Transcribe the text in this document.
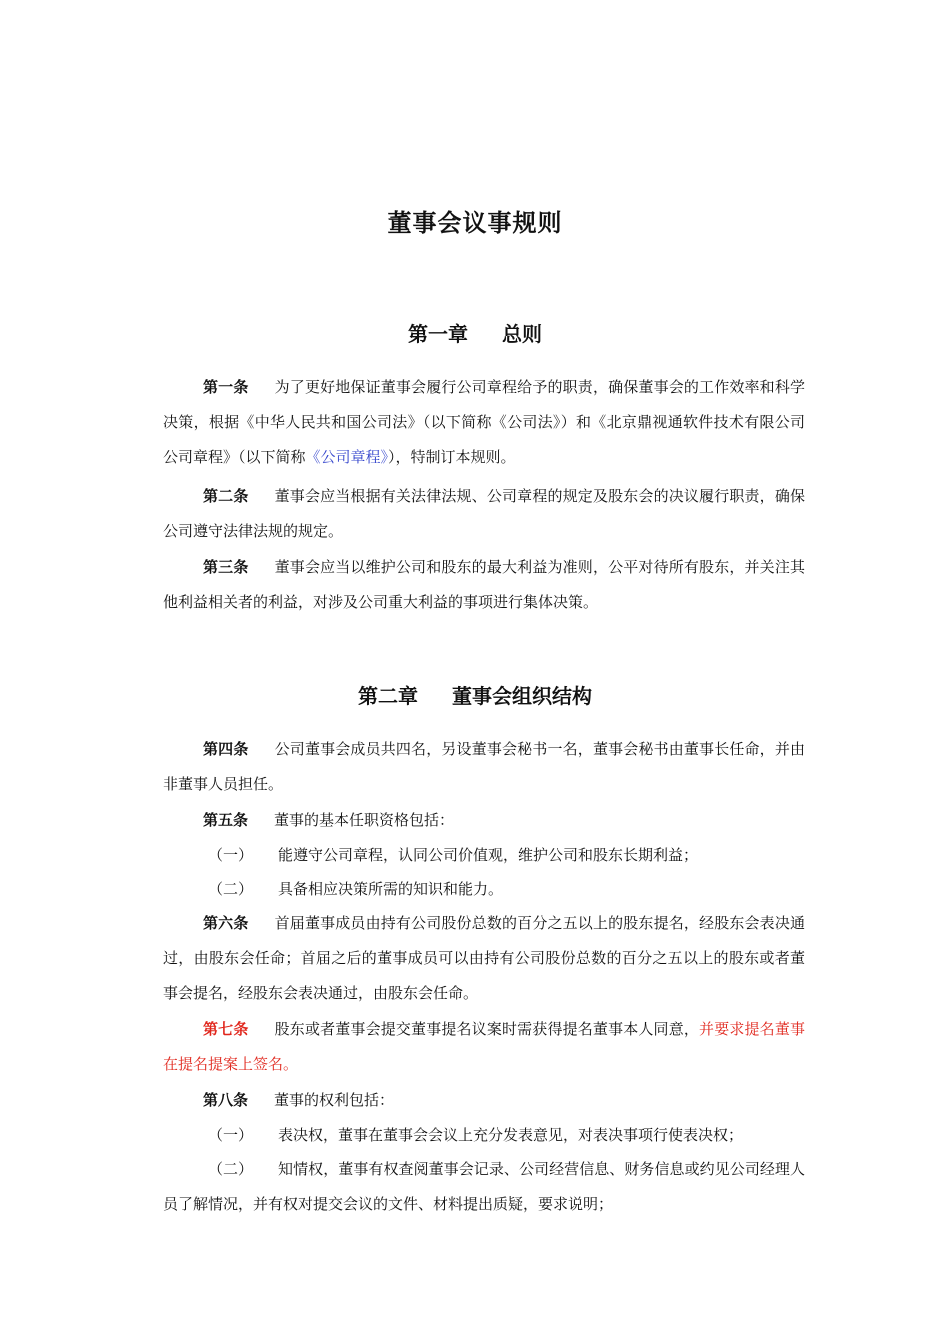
董事会议事规则
第一章 总则
第一条 为了更好地保证董事会履行公司章程给予的职责，确保董事会的工作效率和科学决策，根据《中华人民共和国公司法》（以下简称《公司法》）和《北京鼎视通软件技术有限公司公司章程》（以下简称《公司章程》），特制订本规则。
第二条 董事会应当根据有关法律法规、公司章程的规定及股东会的决议履行职责，确保公司遵守法律法规的规定。
第三条 董事会应当以维护公司和股东的最大利益为准则，公平对待所有股东，并关注其他利益相关者的利益，对涉及公司重大利益的事项进行集体决策。
第二章 董事会组织结构
第四条 公司董事会成员共四名，另设董事会秘书一名，董事会秘书由董事长任命，并由非董事人员担任。
第五条 董事的基本任职资格包括：
（一） 能遵守公司章程，认同公司价值观，维护公司和股东长期利益；
（二） 具备相应决策所需的知识和能力。
第六条 首届董事成员由持有公司股份总数的百分之五以上的股东提名，经股东会表决通过，由股东会任命；首届之后的董事成员可以由持有公司股份总数的百分之五以上的股东或者董事会提名，经股东会表决通过，由股东会任命。
第七条 股东或者董事会提交董事提名议案时需获得提名董事本人同意，并要求提名董事在提名提案上签名。
第八条 董事的权利包括：
（一） 表决权，董事在董事会会议上充分发表意见，对表决事项行使表决权；
（二） 知情权，董事有权查阅董事会记录、公司经营信息、财务信息或约见公司经理人员了解情况，并有权对提交会议的文件、材料提出质疑，要求说明；
